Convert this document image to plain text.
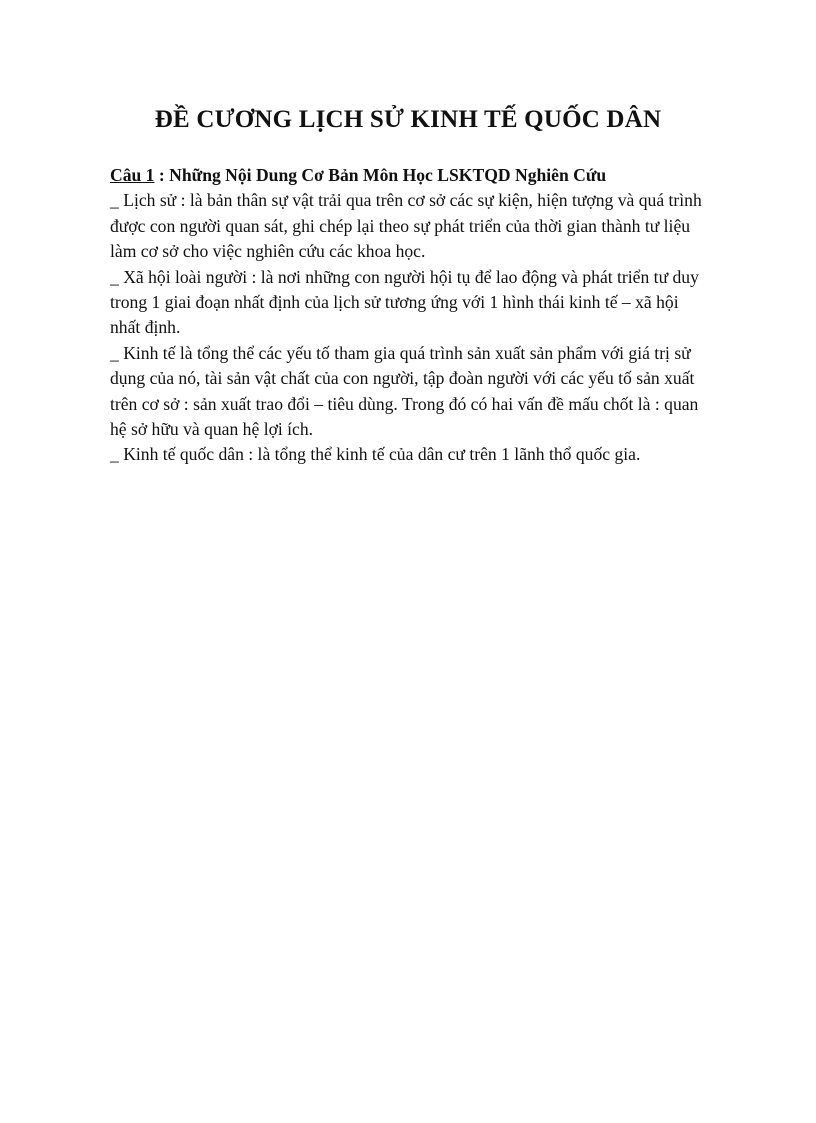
ĐỀ CƯƠNG LỊCH SỬ KINH TẾ QUỐC DÂN

Câu 1 : Những Nội Dung Cơ Bản Môn Học LSKTQD Nghiên Cứu

_ Lịch sử : là bản thân sự vật trải qua trên cơ sở các sự kiện, hiện tượng và quá trình được con người quan sát, ghi chép lại theo sự phát triển của thời gian thành tư liệu làm cơ sở cho việc nghiên cứu các khoa học.

_ Xã hội loài người : là nơi những con người hội tụ để lao động và phát triển tư duy trong 1 giai đoạn nhất định của lịch sử tương ứng với 1 hình thái kinh tế – xã hội nhất định.

_ Kinh tế là tổng thể các yếu tố tham gia quá trình sản xuất sản phẩm với giá trị sử dụng của nó, tài sản vật chất của con người, tập đoàn người với các yếu tố sản xuất trên cơ sở : sản xuất trao đổi – tiêu dùng. Trong đó có hai vấn đề mấu chốt là : quan hệ sở hữu và quan hệ lợi ích.

_ Kinh tế quốc dân : là tổng thể kinh tế của dân cư trên 1 lãnh thổ quốc gia.
